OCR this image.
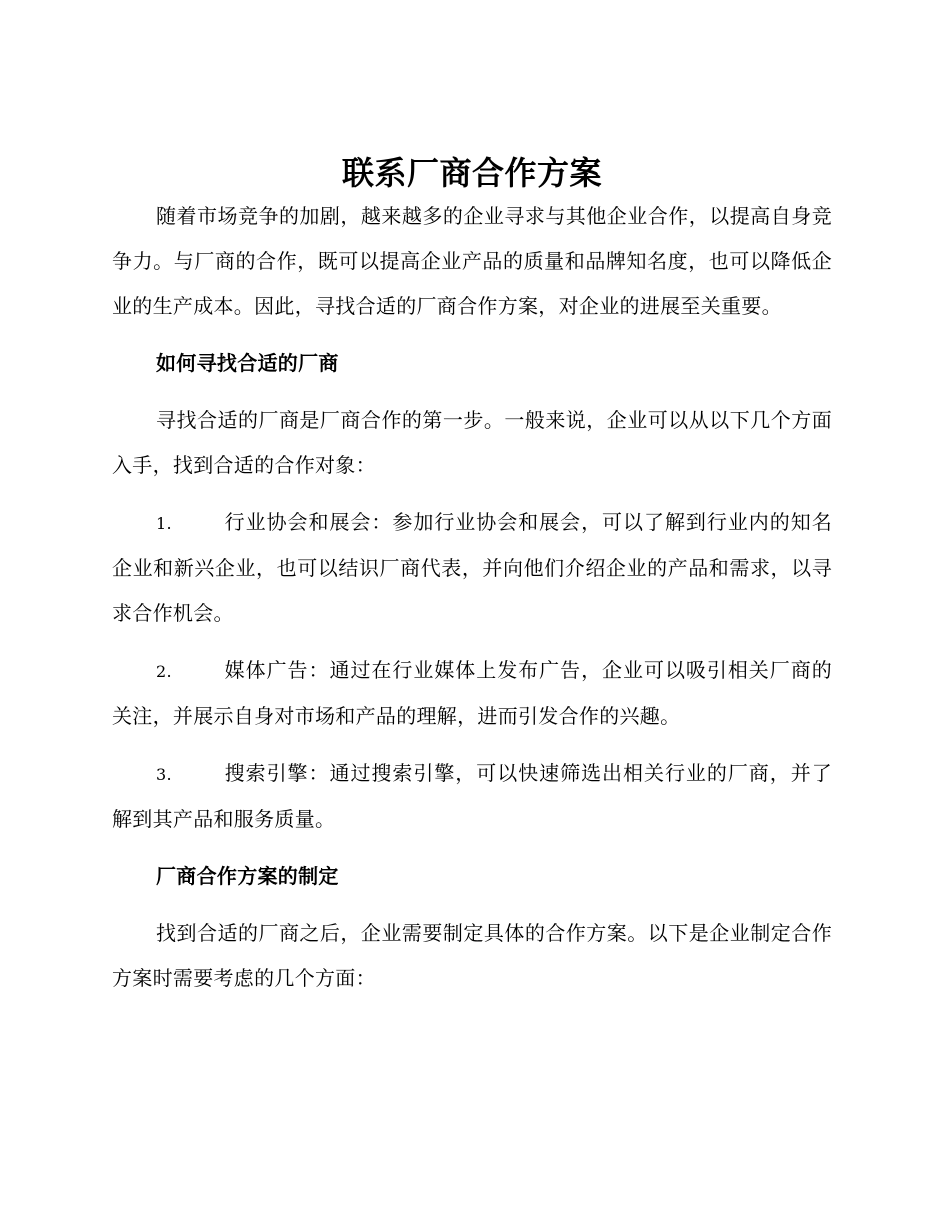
联系厂商合作方案

随着市场竞争的加剧，越来越多的企业寻求与其他企业合作，以提高自身竞争力。与厂商的合作，既可以提高企业产品的质量和品牌知名度，也可以降低企业的生产成本。因此，寻找合适的厂商合作方案，对企业的进展至关重要。

如何寻找合适的厂商

寻找合适的厂商是厂商合作的第一步。一般来说，企业可以从以下几个方面入手，找到合适的合作对象：

1.	行业协会和展会：参加行业协会和展会，可以了解到行业内的知名企业和新兴企业，也可以结识厂商代表，并向他们介绍企业的产品和需求，以寻求合作机会。

2.	媒体广告：通过在行业媒体上发布广告，企业可以吸引相关厂商的关注，并展示自身对市场和产品的理解，进而引发合作的兴趣。

3.	搜索引擎：通过搜索引擎，可以快速筛选出相关行业的厂商，并了解到其产品和服务质量。

厂商合作方案的制定

找到合适的厂商之后，企业需要制定具体的合作方案。以下是企业制定合作方案时需要考虑的几个方面：
